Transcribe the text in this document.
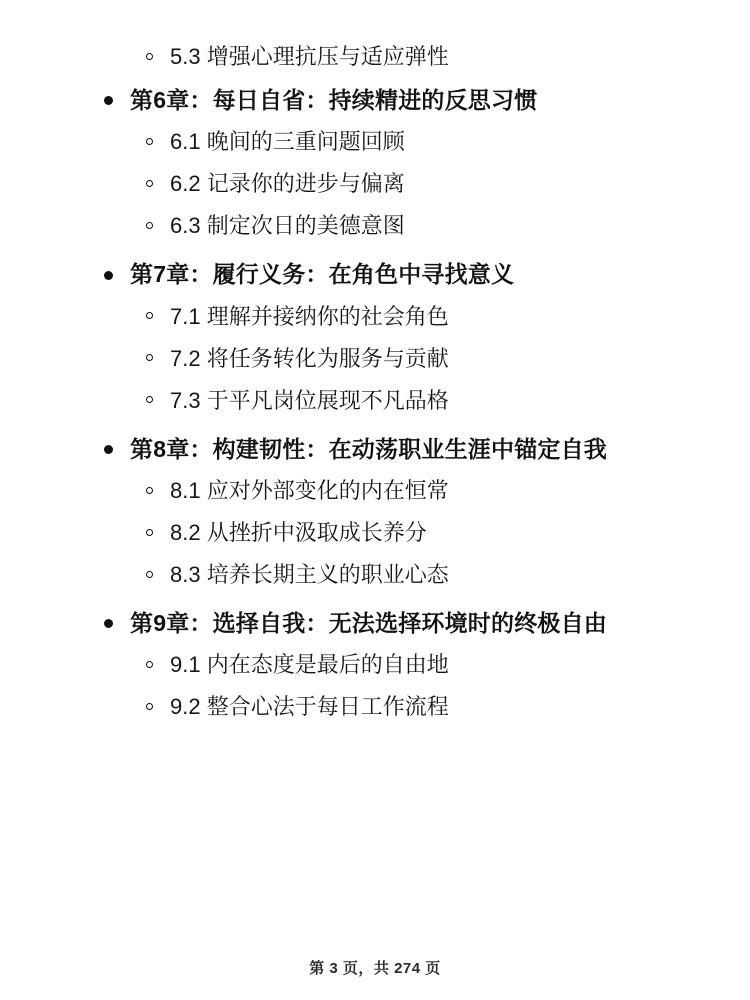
5.3 增强心理抗压与适应弹性
第6章：每日自省：持续精进的反思习惯
6.1 晚间的三重问题回顾
6.2 记录你的进步与偏离
6.3 制定次日的美德意图
第7章：履行义务：在角色中寻找意义
7.1 理解并接纳你的社会角色
7.2 将任务转化为服务与贡献
7.3 于平凡岗位展现不凡品格
第8章：构建韧性：在动荡职业生涯中锚定自我
8.1 应对外部变化的内在恒常
8.2 从挫折中汲取成长养分
8.3 培养长期主义的职业心态
第9章：选择自我：无法选择环境时的终极自由
9.1 内在态度是最后的自由地
9.2 整合心法于每日工作流程
第 3 页，共 274 页
